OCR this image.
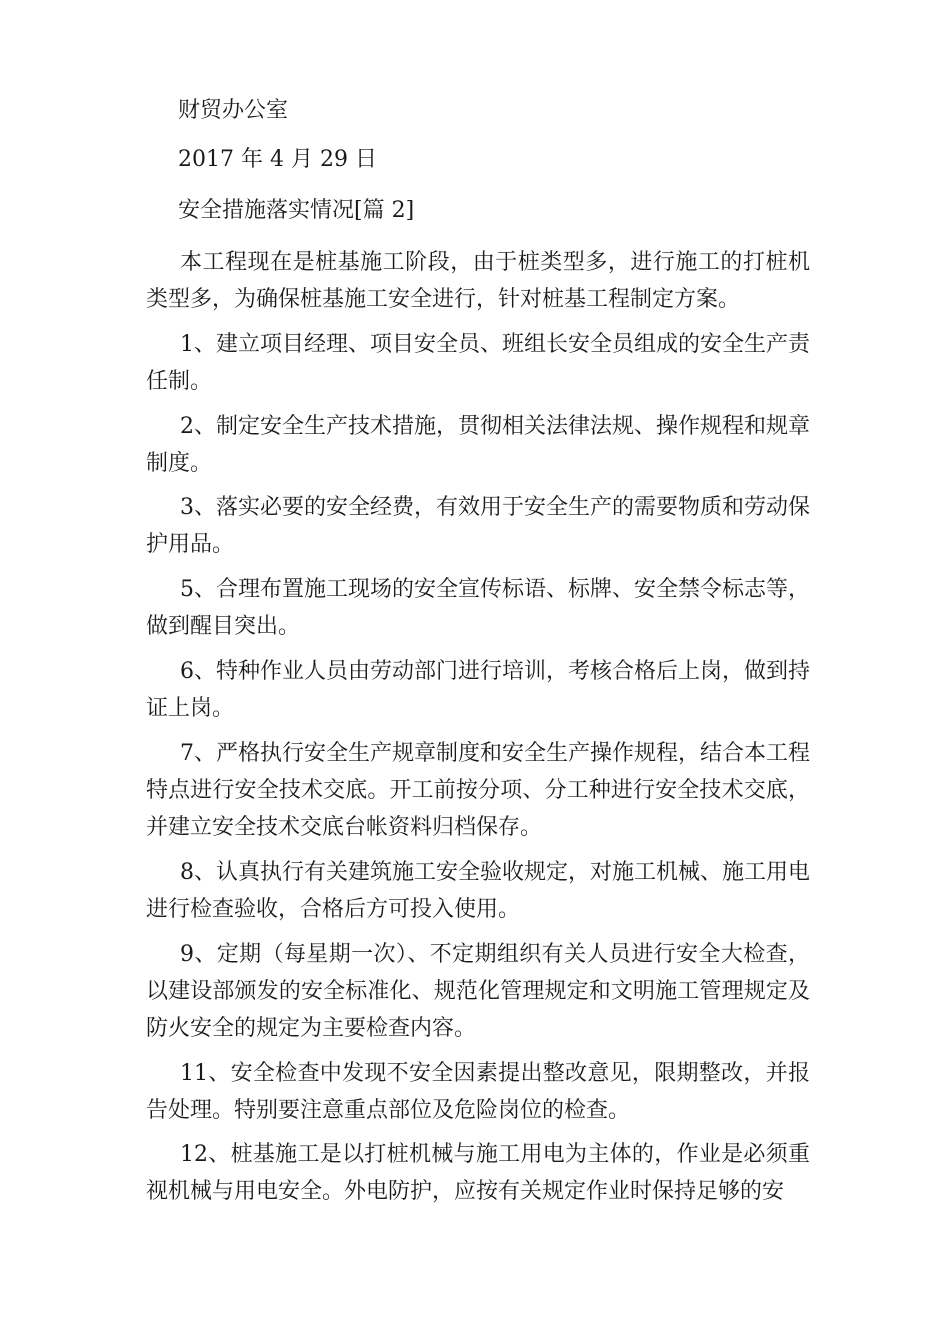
财贸办公室

2017 年 4 月 29 日

安全措施落实情况[篇 2]

本工程现在是桩基施工阶段，由于桩类型多，进行施工的打桩机类型多，为确保桩基施工安全进行，针对桩基工程制定方案。

1、建立项目经理、项目安全员、班组长安全员组成的安全生产责任制。

2、制定安全生产技术措施，贯彻相关法律法规、操作规程和规章制度。

3、落实必要的安全经费，有效用于安全生产的需要物质和劳动保护用品。

5、合理布置施工现场的安全宣传标语、标牌、安全禁令标志等，做到醒目突出。

6、特种作业人员由劳动部门进行培训，考核合格后上岗，做到持证上岗。

7、严格执行安全生产规章制度和安全生产操作规程，结合本工程特点进行安全技术交底。开工前按分项、分工种进行安全技术交底，并建立安全技术交底台帐资料归档保存。

8、认真执行有关建筑施工安全验收规定，对施工机械、施工用电进行检查验收，合格后方可投入使用。

9、定期（每星期一次）、不定期组织有关人员进行安全大检查，以建设部颁发的安全标准化、规范化管理规定和文明施工管理规定及防火安全的规定为主要检查内容。

11、安全检查中发现不安全因素提出整改意见，限期整改，并报告处理。特别要注意重点部位及危险岗位的检查。

12、桩基施工是以打桩机械与施工用电为主体的，作业是必须重视机械与用电安全。外电防护，应按有关规定作业时保持足够的安
